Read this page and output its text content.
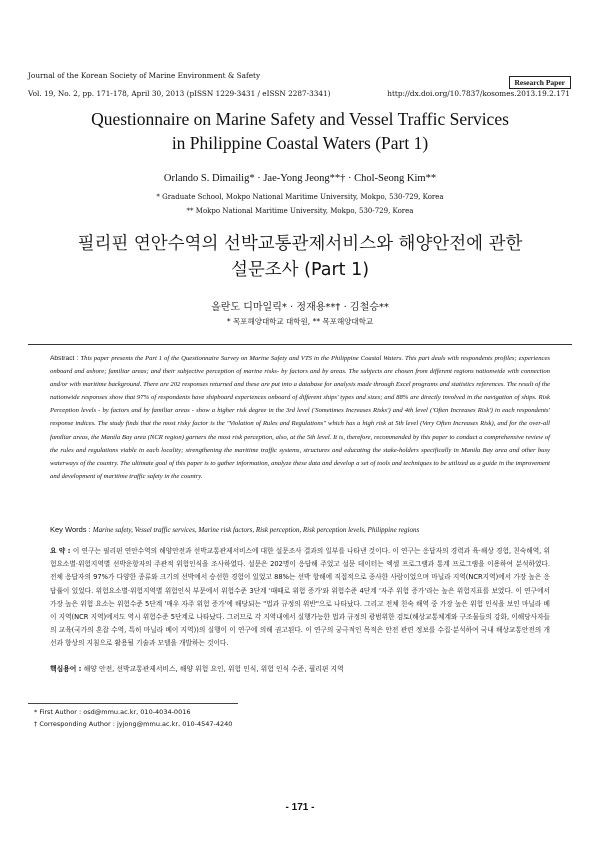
Journal of the Korean Society of Marine Environment & Safety
Research Paper
Vol. 19, No. 2, pp. 171-178, April 30, 2013 (pISSN 1229-3431 / eISSN 2287-3341)	http://dx.doi.org/10.7837/kosomes.2013.19.2.171
Questionnaire on Marine Safety and Vessel Traffic Services
in Philippine Coastal Waters (Part 1)
Orlando S. Dimailig* · Jae-Yong Jeong**† · Chol-Seong Kim**
* Graduate School, Mokpo National Maritime University, Mokpo, 530-729, Korea
** Mokpo National Maritime University, Mokpo, 530-729, Korea
필리핀 연안수역의 선박교통관제서비스와 해양안전에 관한
설문조사 (Part 1)
올란도 디마일릭* · 정재용**† · 김철승**
* 목포해양대학교 대학원, ** 목포해양대학교
Abstract : This paper presents the Part 1 of the Questionnaire Survey on Marine Safety and VTS in the Philippine Coastal Waters. This part deals with respondents profiles; experiences onboard and ashore; familiar areas; and their subjective perception of marine risks- by factors and by areas. The subjects are chosen from different regions nationwide with connection and/or with maritime background. There are 202 responses returned and these are put into a database for analysis made through Excel programs and statistics references. The result of the nationwide responses show that 97% of respondents have shipboard experiences onboard of different ships' types and sizes; and 88% are directly involved in the navigation of ships. Risk Perception levels - by factors and by familiar areas - show a higher risk degree in the 3rd level ('Sometimes Increases Risks') and 4th level ('Often Increases Risk') in each respondents' response indices. The study finds that the most risky factor is the "Violation of Rules and Regulations" which has a high risk at 5th level (Very Often Increases Risk), and for the over-all familiar areas, the Manila Bay area (NCR region) garners the most risk perception, also, at the 5th level. It is, therefore, recommended by this paper to conduct a comprehensive review of the rules and regulations viable in each locality; strengthening the maritime traffic systems, structures and educating the stake-holders specifically in Manila Bay area and other busy waterways of the country. The ultimate goal of this paper is to gather information, analyze these data and develop a set of tools and techniques to be utilized as a guide in the improvement and development of maritime traffic safety in the country.
Key Words : Marine safety, Vessel traffic services, Marine risk factors, Risk perception, Risk perception levels, Philippine regions
요 약 : 이 연구는 필리핀 연안수역의 해양안전과 선박교통관제서비스에 대한 설문조사 결과의 일부를 나타낸 것이다. 이 연구는 응답자의 경력과 육·해상 경험, 친숙해역, 위험요소별·위험지역별 선박운항자의 주관적 위험인식을 조사하였다. 설문은 202명이 응답해 주었고 설문 데이터는 엑셀 프로그램과 통계 프로그램을 이용하여 분석하였다. 전체 응답자의 97%가 다양한 종류와 크기의 선박에서 승선한 경험이 있었고 88%는 선박 항해에 직접적으로 종사한 사람이었으며 마닐라 지역(NCR지역)에서 가장 높은 응답률이 있었다. 위험요소별·위험지역별 위험인식 부문에서 위험수준 3단계 '때때로 위험 증가'와 위험수준 4단계 '자주 위험 증가'라는 높은 위험지표를 보였다. 이 연구에서 가장 높은 위험 요소는 위험수준 5단계 '매우 자주 위험 증가'에 해당되는 "법과 규정의 위반"으로 나타났다. 그리고 전체 친숙 해역 중 가장 높은 위험 인식을 보인 마닐라 베이 지역(NCR 지역)에서도 역시 위험수준 5단계로 나타났다. 그러므로 각 지역내에서 실행가능한 법과 규정의 광범위한 검토(해상교통체계와 구조물들의 강화, 이해당사자들의 교육(국가의 혼잡 수역, 특히 마닐라 베이 지역))의 실행이 이 연구에 의해 권고된다. 이 연구의 궁극적인 목적은 안전 관련 정보를 수집·분석하여 국내 해상교통안전의 개선과 향상의 지침으로 활용될 기술과 모델을 개발하는 것이다.
핵심용어 : 해양 안전, 선박교통관제서비스, 해양 위험 요인, 위험 인식, 위험 인식 수준, 필리핀 지역
* First Author : osd@mmu.ac.kr, 010-4034-0016
† Corresponding Author : jyjong@mmu.ac.kr, 010-4547-4240
- 171 -
